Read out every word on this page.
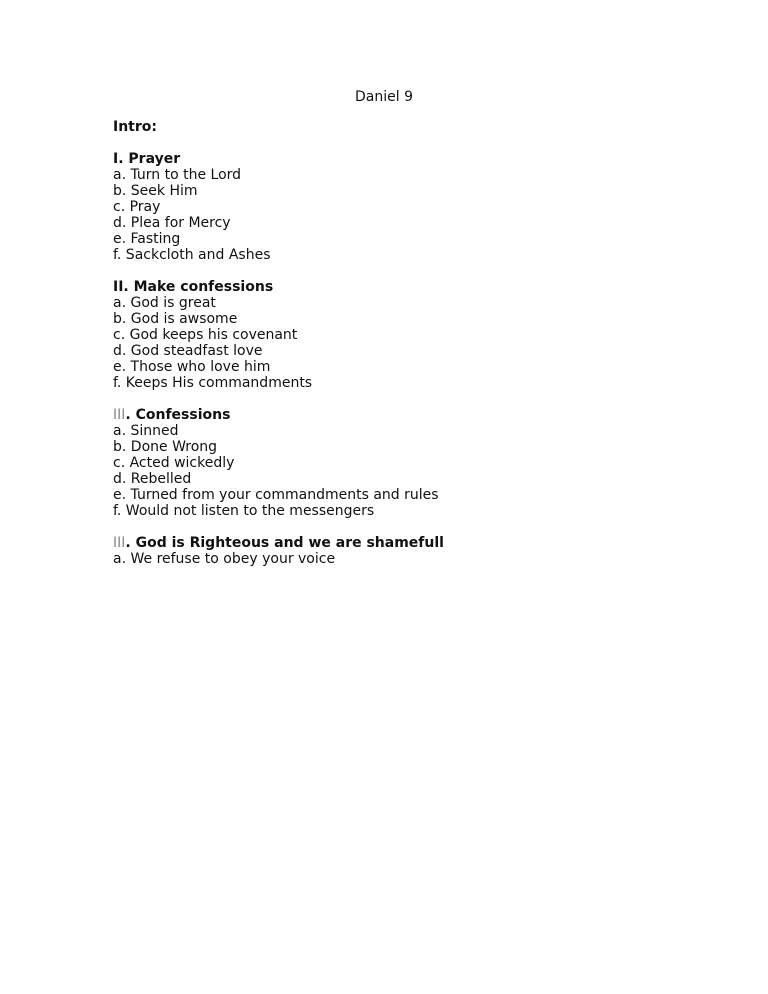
Daniel 9
Intro:
I. Prayer
a. Turn to the Lord
b. Seek Him
c. Pray
d. Plea for Mercy
e. Fasting
f. Sackcloth and Ashes
II. Make confessions
a. God is great
b. God is awsome
c. God keeps his covenant
d. God steadfast love
e. Those who love him
f. Keeps His commandments
III. Confessions
a. Sinned
b. Done Wrong
c. Acted wickedly
d. Rebelled
e. Turned from your commandments and rules
f. Would not listen to the messengers
III. God is Righteous and we are shamefull
a. We refuse to obey your voice
